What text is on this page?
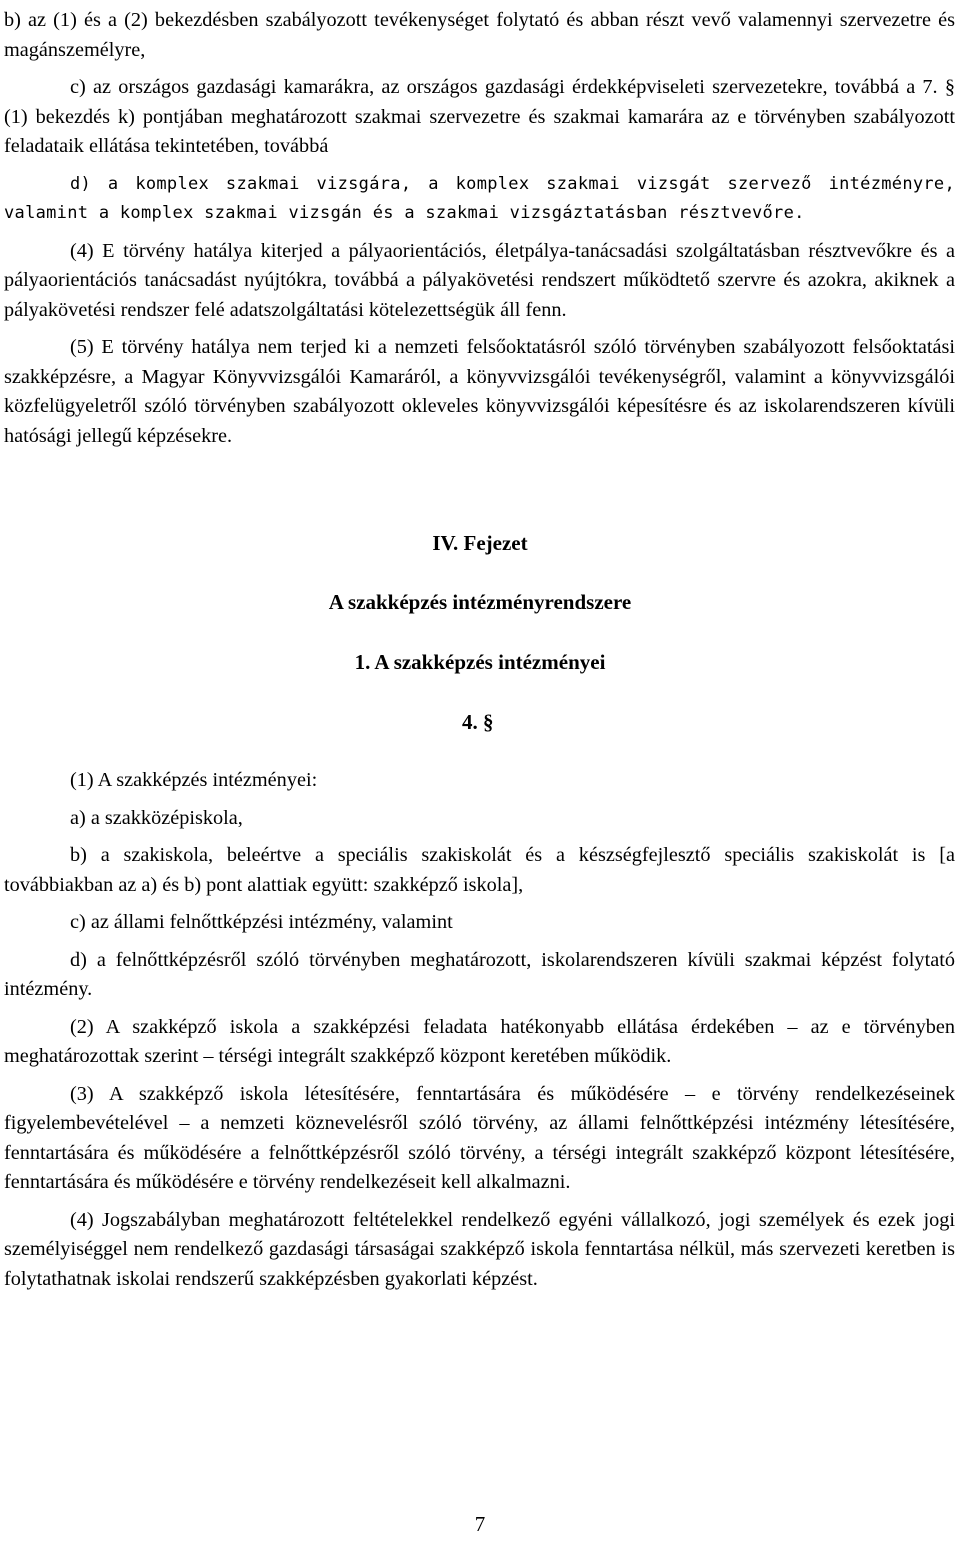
b) az (1) és a (2) bekezdésben szabályozott tevékenységet folytató és abban részt vevő valamennyi szervezetre és magánszemélyre,

c) az országos gazdasági kamarákra, az országos gazdasági érdekképviseleti szervezetekre, továbbá a 7. § (1) bekezdés k) pontjában meghatározott szakmai szervezetre és szakmai kamarára az e törvényben szabályozott feladataik ellátása tekintetében, továbbá

d) a komplex szakmai vizsgára, a komplex szakmai vizsgát szervező intézményre, valamint a komplex szakmai vizsgán és a szakmai vizsgáztatásban résztvevőre.

(4) E törvény hatálya kiterjed a pályaorientációs, életpálya-tanácsadási szolgáltatásban résztvevőkre és a pályaorientációs tanácsadást nyújtókra, továbbá a pályakövetési rendszert működtető szervre és azokra, akiknek a pályakövetési rendszer felé adatszolgáltatási kötelezettségük áll fenn.

(5) E törvény hatálya nem terjed ki a nemzeti felsőoktatásról szóló törvényben szabályozott felsőoktatási szakképzésre, a Magyar Könyvvizsgálói Kamaráról, a könyvvizsgálói tevékenységről, valamint a könyvvizsgálói közfelügyeletről szóló törvényben szabályozott okleveles könyvvizsgálói képesítésre és az iskolarendszeren kívüli hatósági jellegű képzésekre.

IV. Fejezet
A szakképzés intézményrendszere
1. A szakképzés intézményei
4. §

(1) A szakképzés intézményei:

a) a szakközépiskola,

b) a szakiskola, beleértve a speciális szakiskolát és a készségfejlesztő speciális szakiskolát is [a továbbiakban az a) és b) pont alattiak együtt: szakképző iskola],

c) az állami felnőttképzési intézmény, valamint

d) a felnőttképzésről szóló törvényben meghatározott, iskolarendszeren kívüli szakmai képzést folytató intézmény.

(2) A szakképző iskola a szakképzési feladata hatékonyabb ellátása érdekében – az e törvényben meghatározottak szerint – térségi integrált szakképző központ keretében működik.

(3) A szakképző iskola létesítésére, fenntartására és működésére – e törvény rendelkezéseinek figyelembevételével – a nemzeti köznevelésről szóló törvény, az állami felnőttképzési intézmény létesítésére, fenntartására és működésére a felnőttképzésről szóló törvény, a térségi integrált szakképző központ létesítésére, fenntartására és működésére e törvény rendelkezéseit kell alkalmazni.

(4) Jogszabályban meghatározott feltételekkel rendelkező egyéni vállalkozó, jogi személyek és ezek jogi személyiséggel nem rendelkező gazdasági társaságai szakképző iskola fenntartása nélkül, más szervezeti keretben is folytathatnak iskolai rendszerű szakképzésben gyakorlati képzést.

7
